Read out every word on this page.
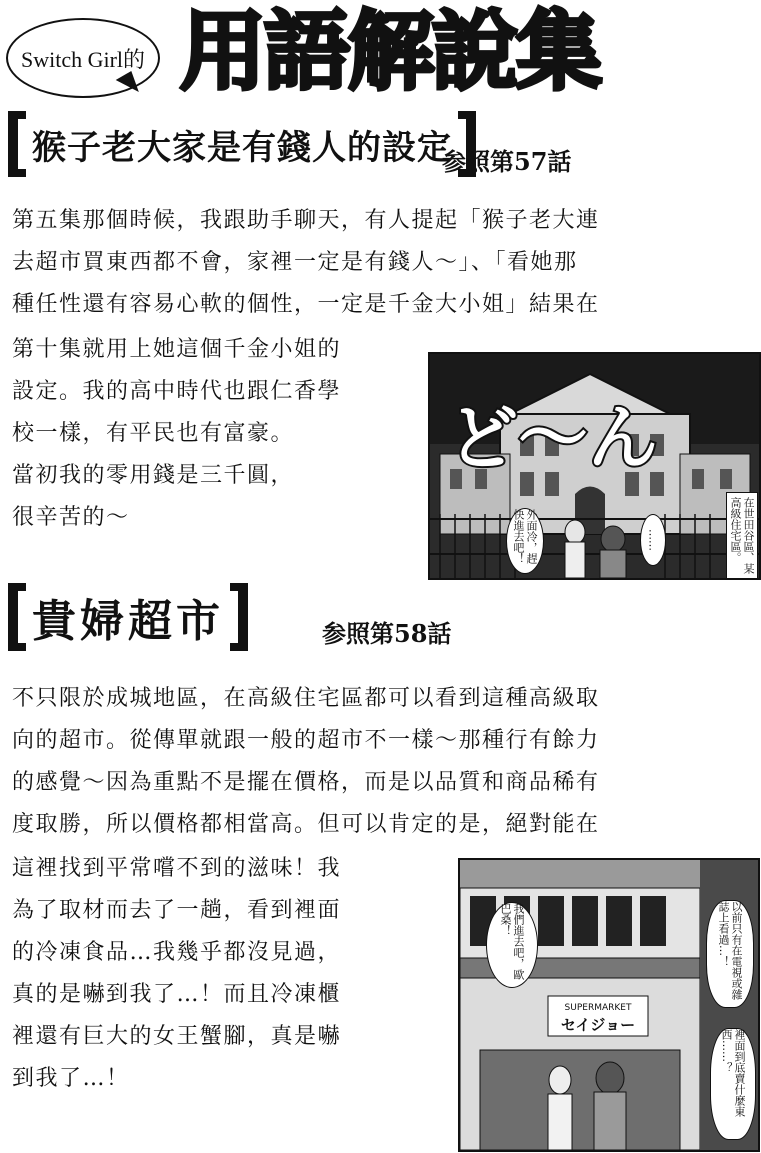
Switch Girl的 用語解說集
猴子老大家是有錢人的設定
参照第57話
第五集那個時候，我跟助手聊天，有人提起「猴子老大連
去超市買東西都不會，家裡一定是有錢人～」、「看她那
種任性還有容易心軟的個性，一定是千金大小姐」結果在
第十集就用上她這個千金小姐的
設定。我的高中時代也跟仁香學
校一樣，有平民也有富豪。
當初我的零用錢是三千圓，
很辛苦的～
ど〜ん
在世田谷區、某高級住宅區。
外面冷，趕快進去吧！	……
貴婦超市	参照第58話
不只限於成城地區，在高級住宅區都可以看到這種高級取
向的超市。從傳單就跟一般的超市不一樣～那種行有餘力
的感覺～因為重點不是擺在價格，而是以品質和商品稀有
度取勝，所以價格都相當高。但可以肯定的是，絕對能在
這裡找到平常嚐不到的滋味！我
為了取材而去了一趟，看到裡面
的冷凍食品…我幾乎都沒見過，
真的是嚇到我了…！而且冷凍櫃
裡還有巨大的女王蟹腳，真是嚇
到我了…！
SUPERMARKET
セイジョー
我們進去吧，歐巴桑！	以前只有在電視或雜誌上看過…！
裡面到底賣什麼東西……？
